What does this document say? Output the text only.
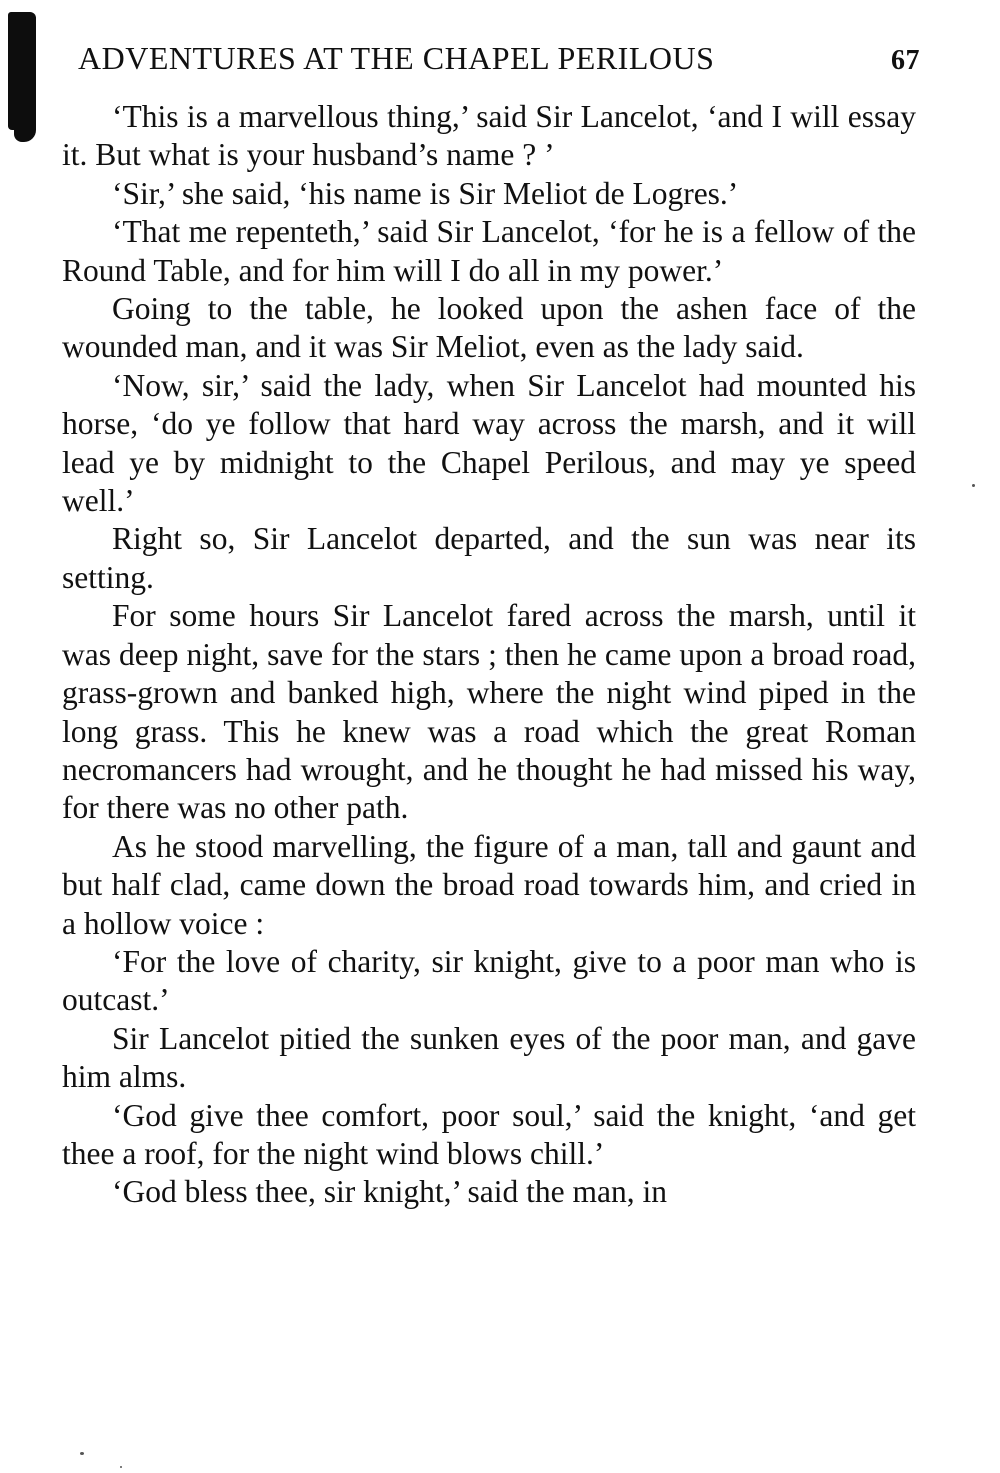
ADVENTURES AT THE CHAPEL PERILOUS	67

‘This is a marvellous thing,’ said Sir Lancelot, ‘and I will essay it. But what is your husband’s name ? ’

‘Sir,’ she said, ‘his name is Sir Meliot de Logres.’

‘That me repenteth,’ said Sir Lancelot, ‘for he is a fellow of the Round Table, and for him will I do all in my power.’

Going to the table, he looked upon the ashen face of the wounded man, and it was Sir Meliot, even as the lady said.

‘Now, sir,’ said the lady, when Sir Lancelot had mounted his horse, ‘do ye follow that hard way across the marsh, and it will lead ye by midnight to the Chapel Perilous, and may ye speed well.’

Right so, Sir Lancelot departed, and the sun was near its setting.

For some hours Sir Lancelot fared across the marsh, until it was deep night, save for the stars ; then he came upon a broad road, grass-grown and banked high, where the night wind piped in the long grass. This he knew was a road which the great Roman necromancers had wrought, and he thought he had missed his way, for there was no other path.

As he stood marvelling, the figure of a man, tall and gaunt and but half clad, came down the broad road towards him, and cried in a hollow voice :

‘For the love of charity, sir knight, give to a poor man who is outcast.’

Sir Lancelot pitied the sunken eyes of the poor man, and gave him alms.

‘God give thee comfort, poor soul,’ said the knight, ‘and get thee a roof, for the night wind blows chill.’

‘God bless thee, sir knight,’ said the man, in
